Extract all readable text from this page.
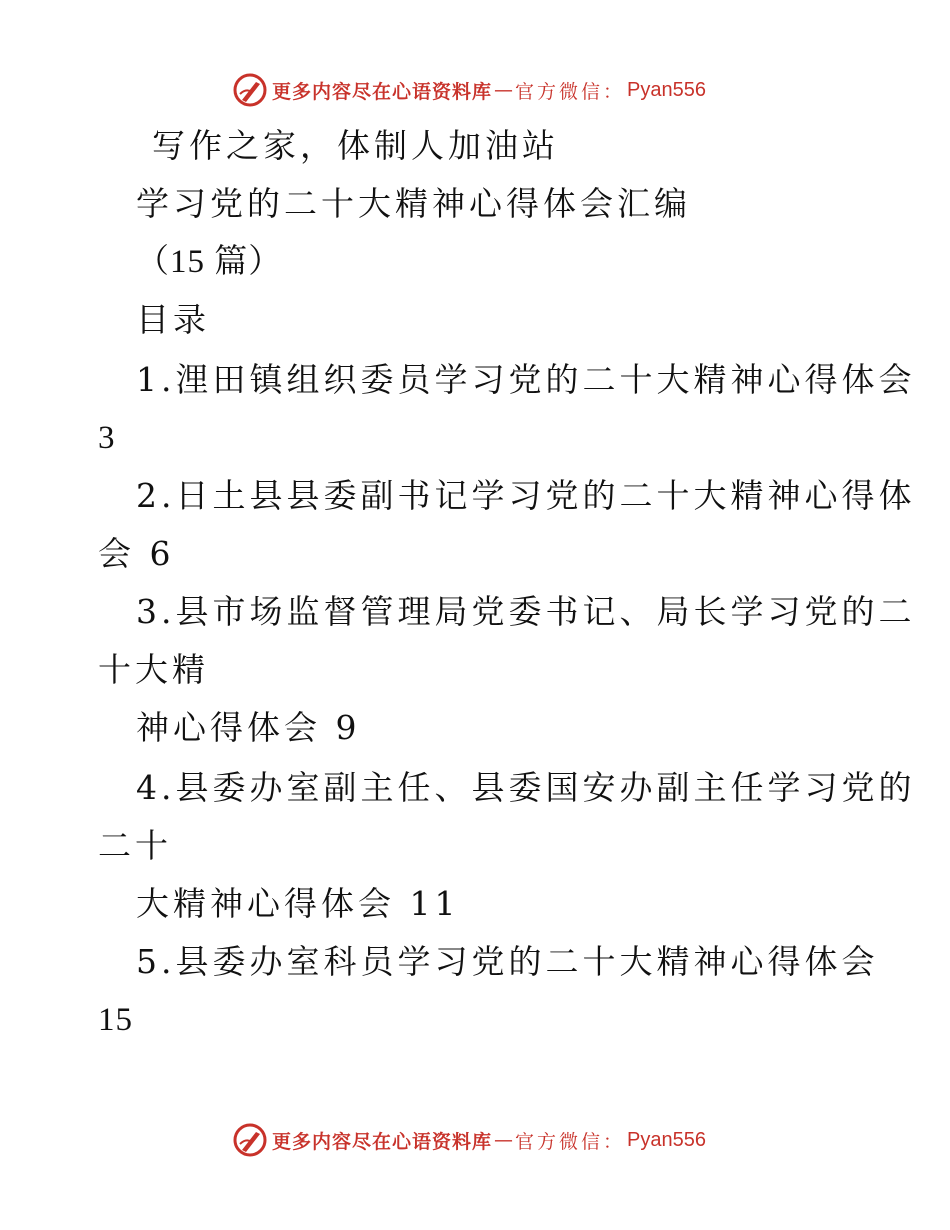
更多内容尽在心语资料库 — 官方微信： Pyan556
写作之家，体制人加油站
学习党的二十大精神心得体会汇编
（15 篇）
目录
1.浬田镇组织委员学习党的二十大精神心得体会
3
2.日土县县委副书记学习党的二十大精神心得体
会 6
3.县市场监督管理局党委书记、局长学习党的二
十大精
神心得体会 9
4.县委办室副主任、县委国安办副主任学习党的
二十
大精神心得体会 11
5.县委办室科员学习党的二十大精神心得体会
15
更多内容尽在心语资料库 — 官方微信： Pyan556
